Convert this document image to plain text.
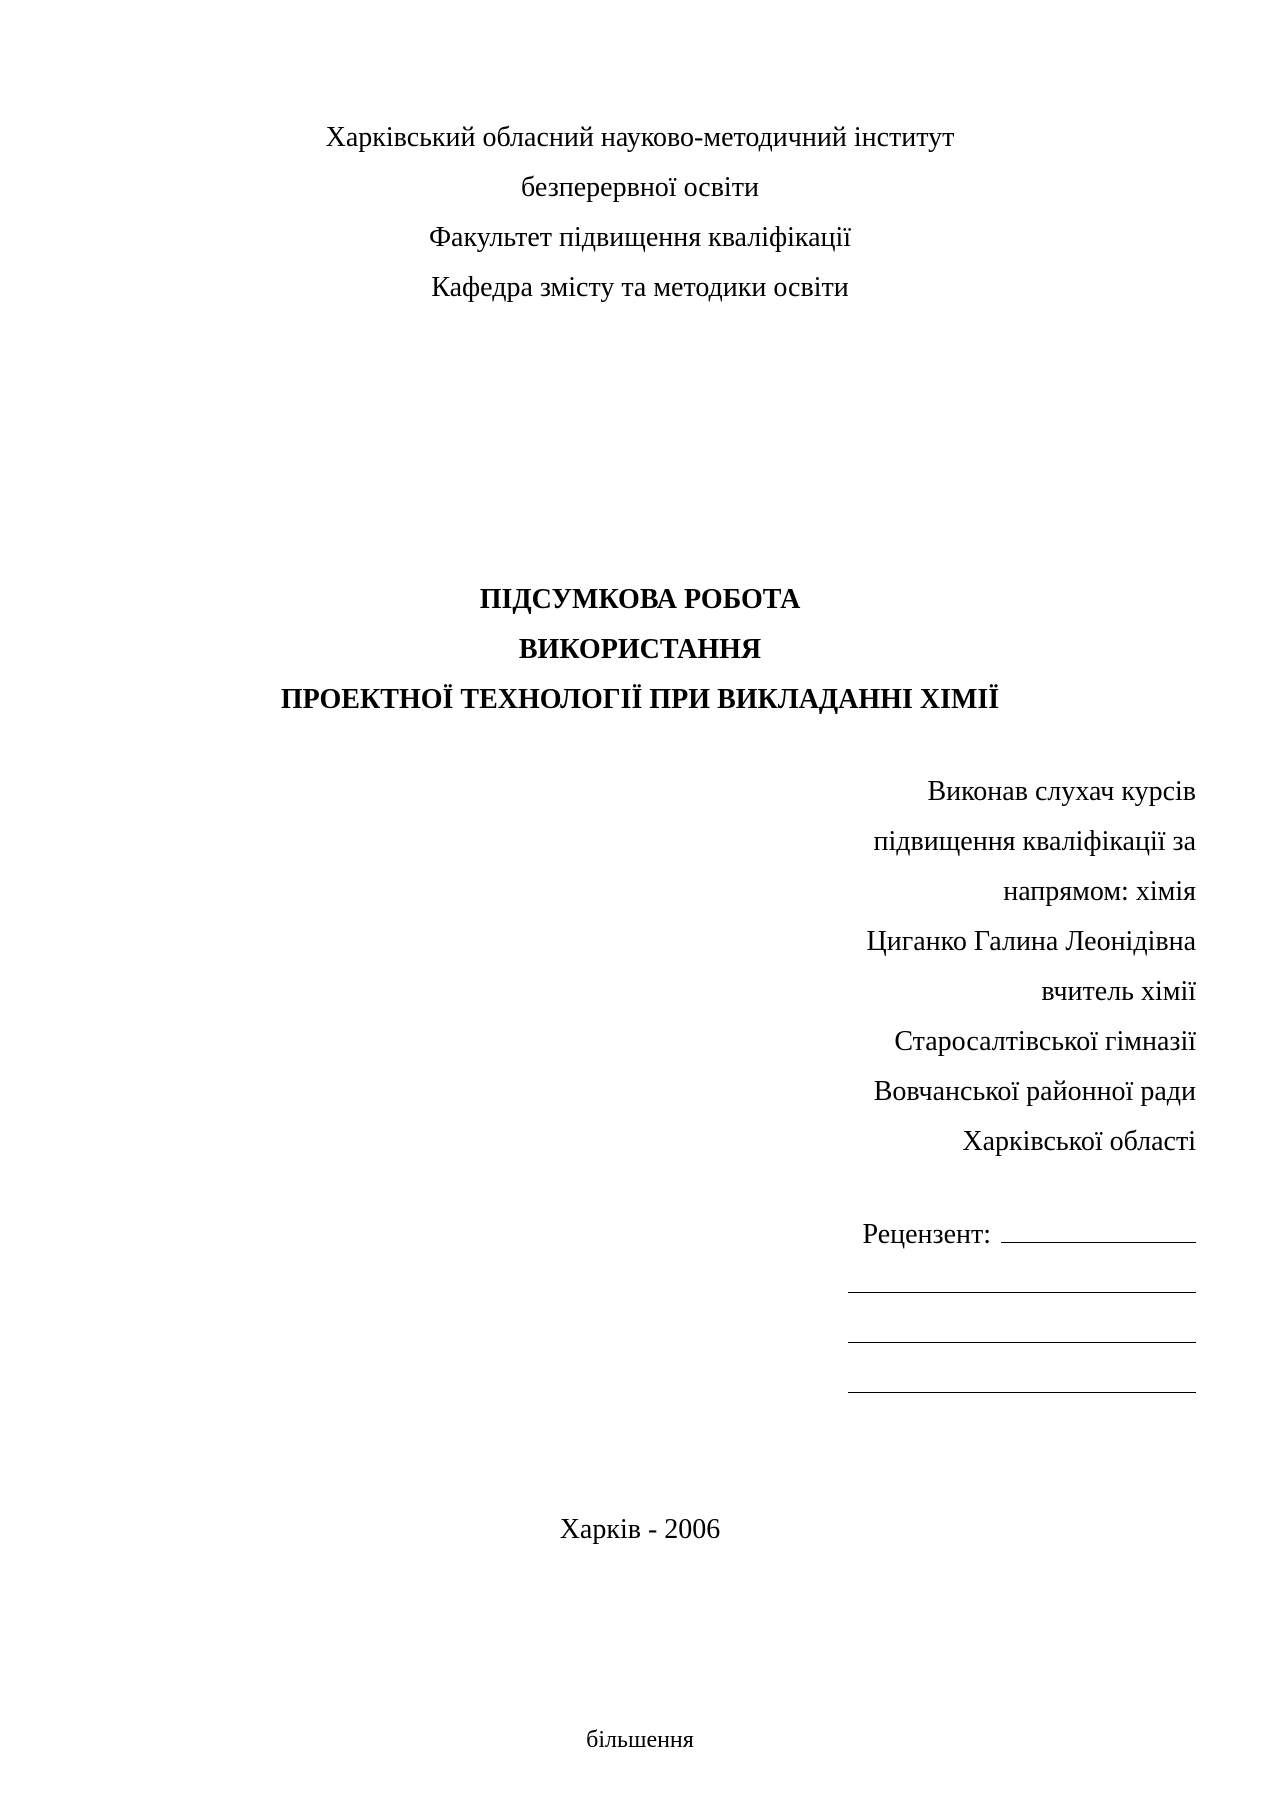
Харківський обласний науково-методичний інститут
безперервної освіти
Факультет підвищення кваліфікації
Кафедра змісту та методики освіти
ПІДСУМКОВА РОБОТА
ВИКОРИСТАННЯ
ПРОЕКТНОЇ ТЕХНОЛОГІЇ ПРИ ВИКЛАДАННІ ХІМІЇ
Виконав слухач курсів
підвищення кваліфікації за
напрямом: хімія
Циганко Галина Леонідівна
вчитель хімії
Старосалтівської гімназії
Вовчанської районної ради
Харківської області
Рецензент:
Харків - 2006
більшення
